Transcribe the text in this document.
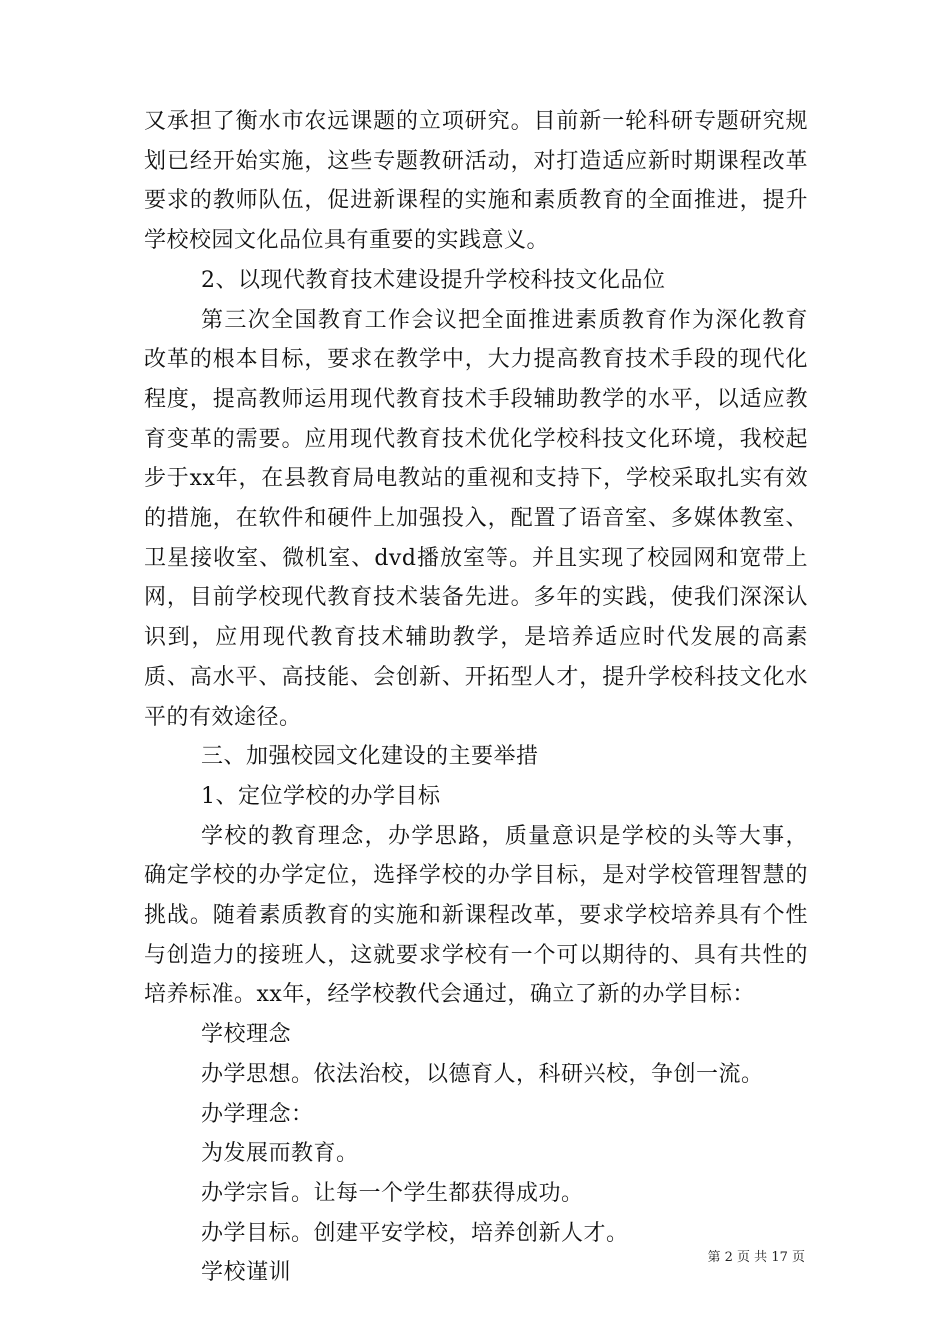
又承担了衡水市农远课题的立项研究。目前新一轮科研专题研究规划已经开始实施，这些专题教研活动，对打造适应新时期课程改革要求的教师队伍，促进新课程的实施和素质教育的全面推进，提升学校校园文化品位具有重要的实践意义。

2、以现代教育技术建设提升学校科技文化品位

第三次全国教育工作会议把全面推进素质教育作为深化教育改革的根本目标，要求在教学中，大力提高教育技术手段的现代化程度，提高教师运用现代教育技术手段辅助教学的水平，以适应教育变革的需要。应用现代教育技术优化学校科技文化环境，我校起步于xx年，在县教育局电教站的重视和支持下，学校采取扎实有效的措施，在软件和硬件上加强投入，配置了语音室、多媒体教室、卫星接收室、微机室、dvd播放室等。并且实现了校园网和宽带上网，目前学校现代教育技术装备先进。多年的实践，使我们深深认识到，应用现代教育技术辅助教学，是培养适应时代发展的高素质、高水平、高技能、会创新、开拓型人才，提升学校科技文化水平的有效途径。

三、加强校园文化建设的主要举措

1、定位学校的办学目标

学校的教育理念，办学思路，质量意识是学校的头等大事，确定学校的办学定位，选择学校的办学目标，是对学校管理智慧的挑战。随着素质教育的实施和新课程改革，要求学校培养具有个性与创造力的接班人，这就要求学校有一个可以期待的、具有共性的培养标准。xx年，经学校教代会通过，确立了新的办学目标：

学校理念

办学思想。依法治校，以德育人，科研兴校，争创一流。

办学理念：

为发展而教育。

办学宗旨。让每一个学生都获得成功。

办学目标。创建平安学校，培养创新人才。

学校谨训

第 2 页 共 17 页
